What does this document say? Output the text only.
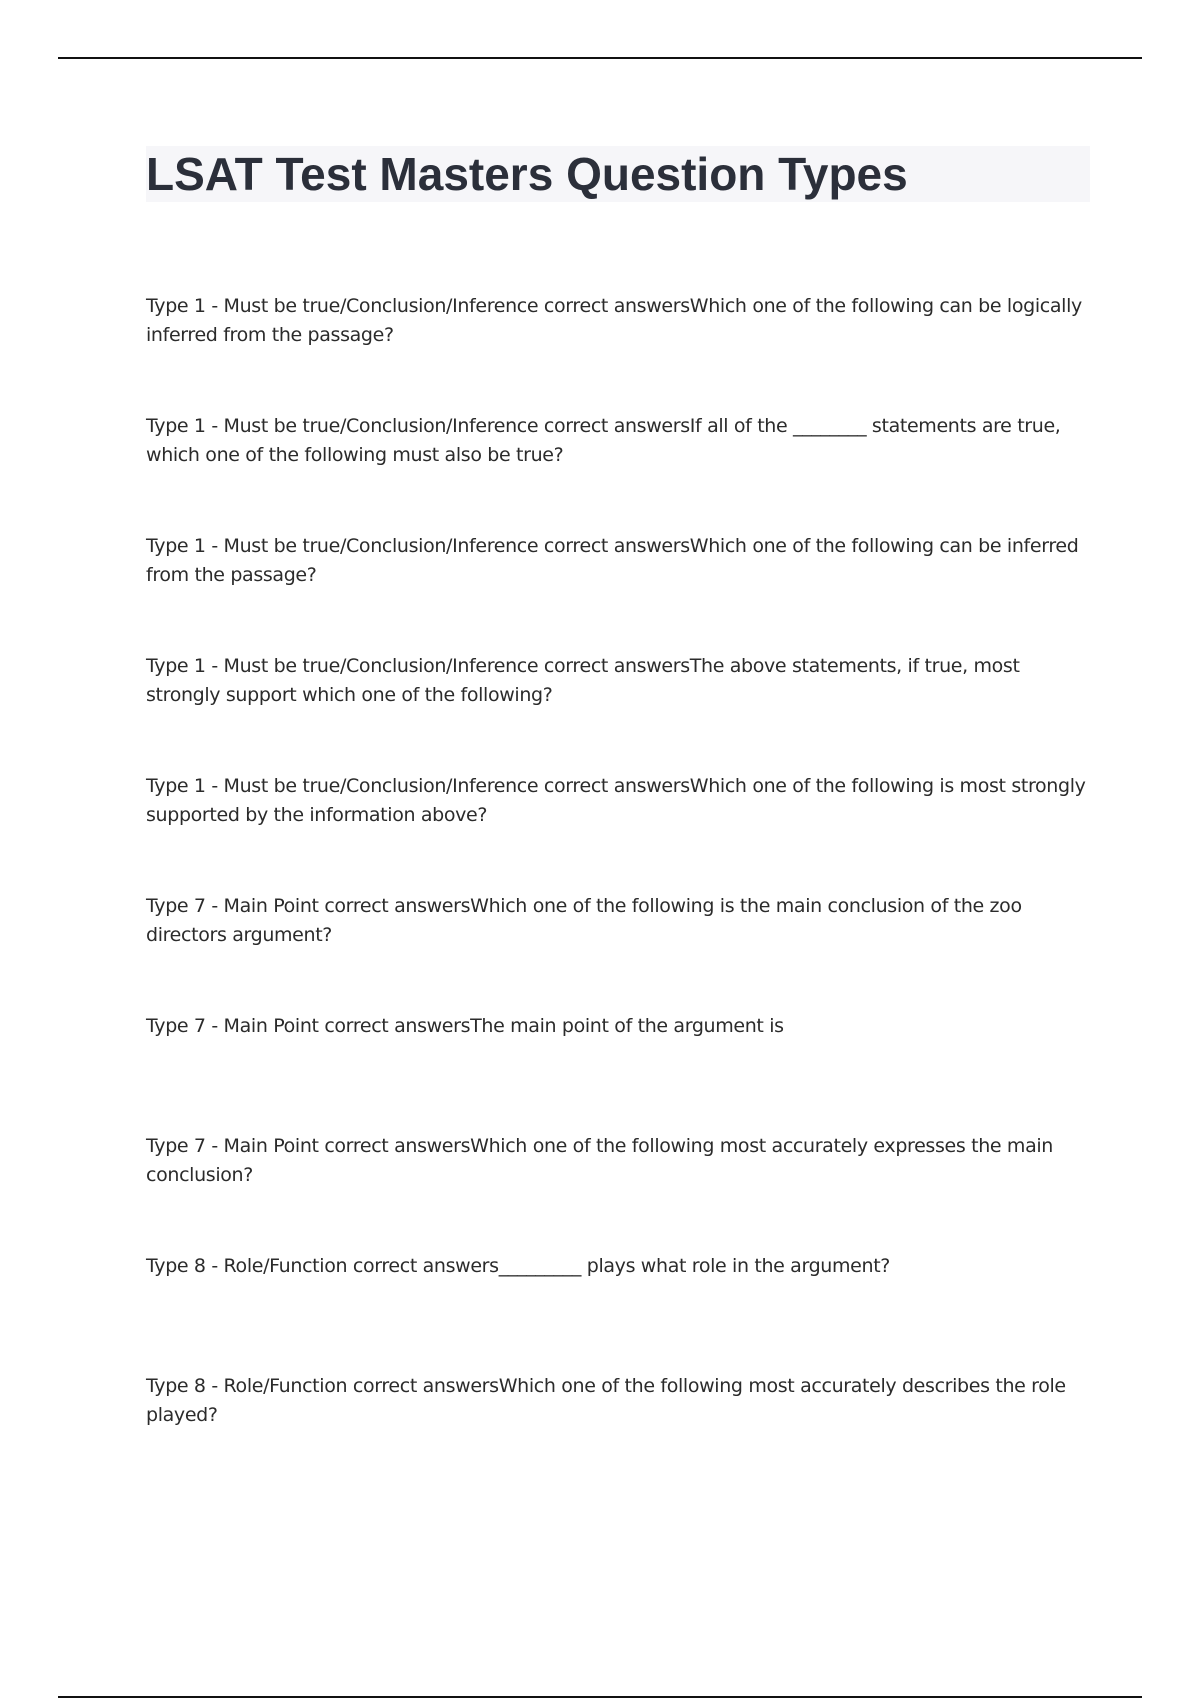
LSAT Test Masters Question Types
Type 1 - Must be true/Conclusion/Inference correct answersWhich one of the following can be logically inferred from the passage?
Type 1 - Must be true/Conclusion/Inference correct answersIf all of the ________ statements are true, which one of the following must also be true?
Type 1 - Must be true/Conclusion/Inference correct answersWhich one of the following can be inferred from the passage?
Type 1 - Must be true/Conclusion/Inference correct answersThe above statements, if true, most strongly support which one of the following?
Type 1 - Must be true/Conclusion/Inference correct answersWhich one of the following is most strongly supported by the information above?
Type 7 - Main Point correct answersWhich one of the following is the main conclusion of the zoo directors argument?
Type 7 - Main Point correct answersThe main point of the argument is
Type 7 - Main Point correct answersWhich one of the following most accurately expresses the main conclusion?
Type 8 - Role/Function correct answers_________ plays what role in the argument?
Type 8 - Role/Function correct answersWhich one of the following most accurately describes the role played?
